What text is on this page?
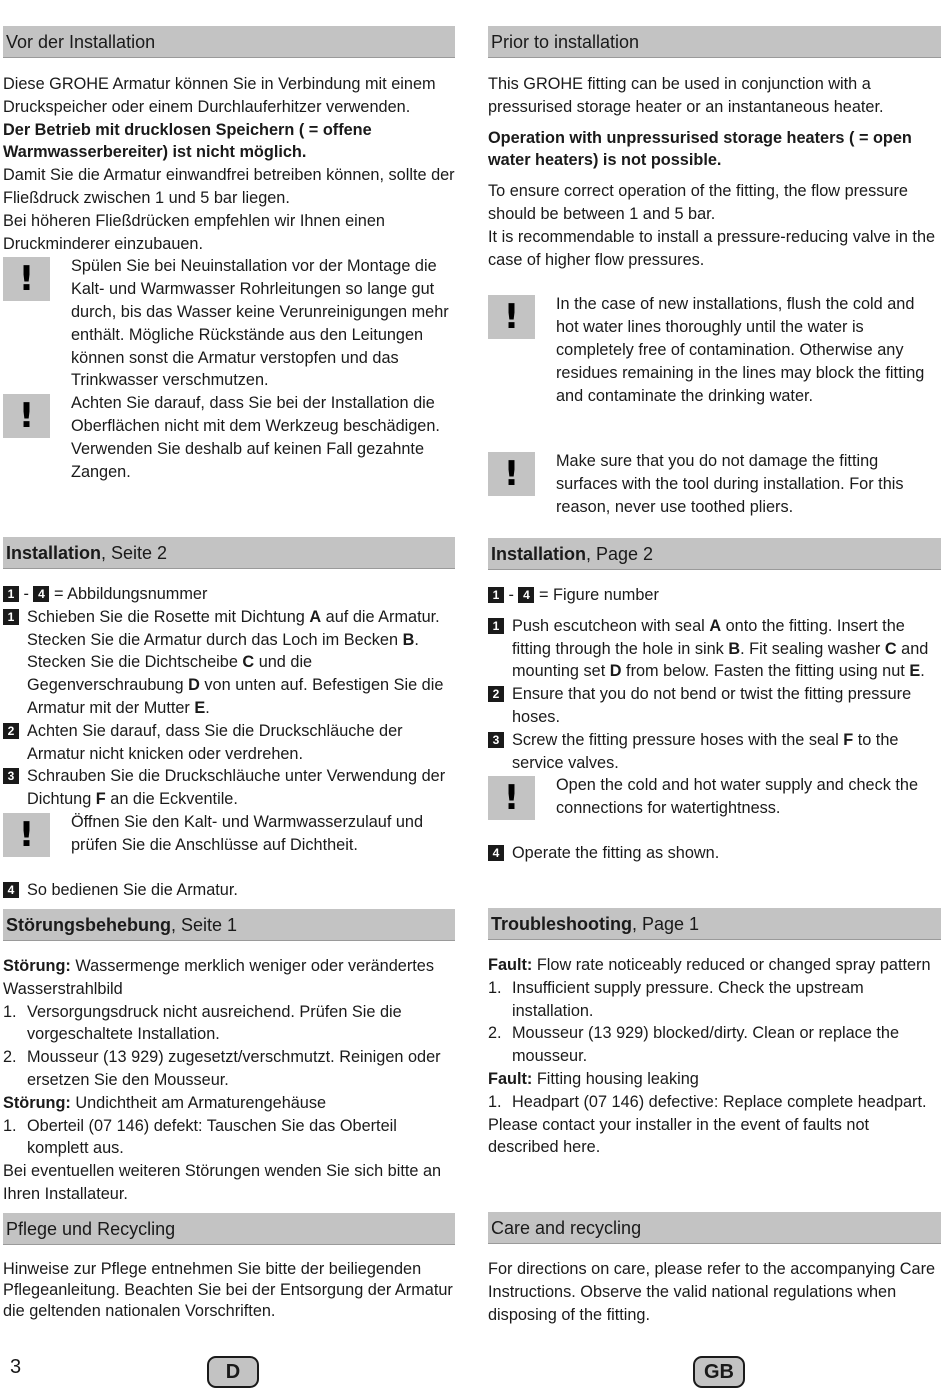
Vor der Installation

Diese GROHE Armatur können Sie in Verbindung mit einem Druckspeicher oder einem Durchlauferhitzer verwenden.

Der Betrieb mit drucklosen Speichern ( = offene Warmwasserbereiter) ist nicht möglich.

Damit Sie die Armatur einwandfrei betreiben können, sollte der Fließdruck zwischen 1 und 5 bar liegen.

Bei höheren Fließdrücken empfehlen wir Ihnen einen Druckminderer einzubauen.

! Spülen Sie bei Neuinstallation vor der Montage die Kalt- und Warmwasser Rohrleitungen so lange gut durch, bis das Wasser keine Verunreinigungen mehr enthält. Mögliche Rückstände aus den Leitungen können sonst die Armatur verstopfen und das Trinkwasser verschmutzen.

! Achten Sie darauf, dass Sie bei der Installation die Oberflächen nicht mit dem Werkzeug beschädigen. Verwenden Sie deshalb auf keinen Fall gezahnte Zangen.

Installation, Seite 2

1 - 4 = Abbildungsnummer

1 Schieben Sie die Rosette mit Dichtung A auf die Armatur. Stecken Sie die Armatur durch das Loch im Becken B. Stecken Sie die Dichtscheibe C und die Gegenverschraubung D von unten auf. Befestigen Sie die Armatur mit der Mutter E.
2 Achten Sie darauf, dass Sie die Druckschläuche der Armatur nicht knicken oder verdrehen.
3 Schrauben Sie die Druckschläuche unter Verwendung der Dichtung F an die Eckventile.
! Öffnen Sie den Kalt- und Warmwasserzulauf und prüfen Sie die Anschlüsse auf Dichtheit.

4 So bedienen Sie die Armatur.
Störungsbehebung, Seite 1

Störung: Wassermenge merklich weniger oder verändertes Wasserstrahlbild

1. Versorgungsdruck nicht ausreichend. Prüfen Sie die vorgeschaltete Installation.
2. Mousseur (13 929) zugesetzt/verschmutzt. Reinigen oder ersetzen Sie den Mousseur.

Störung: Undichtheit am Armaturengehäuse

1. Oberteil (07 146) defekt: Tauschen Sie das Oberteil komplett aus.

Bei eventuellen weiteren Störungen wenden Sie sich bitte an Ihren Installateur.

Pflege und Recycling

Hinweise zur Pflege entnehmen Sie bitte der beiliegenden Pflegeanleitung. Beachten Sie bei der Entsorgung der Armatur die geltenden nationalen Vorschriften.

Prior to installation

This GROHE fitting can be used in conjunction with a pressurised storage heater or an instantaneous heater.

Operation with unpressurised storage heaters ( = open water heaters) is not possible.

To ensure correct operation of the fitting, the flow pressure should be between 1 and 5 bar.

It is recommendable to install a pressure-reducing valve in the case of higher flow pressures.

! In the case of new installations, flush the cold and hot water lines thoroughly until the water is completely free of contamination. Otherwise any residues remaining in the lines may block the fitting and contaminate the drinking water.

! Make sure that you do not damage the fitting surfaces with the tool during installation. For this reason, never use toothed pliers.

Installation, Page 2

1 - 4 = Figure number

1 Push escutcheon with seal A onto the fitting. Insert the fitting through the hole in sink B. Fit sealing washer C and mounting set D from below. Fasten the fitting using nut E.
2 Ensure that you do not bend or twist the fitting pressure hoses.
3 Screw the fitting pressure hoses with the seal F to the service valves.
! Open the cold and hot water supply and check the connections for watertightness.

4 Operate the fitting as shown.
Troubleshooting, Page 1

Fault: Flow rate noticeably reduced or changed spray pattern

1. Insufficient supply pressure. Check the upstream installation.
2. Mousseur (13 929) blocked/dirty. Clean or replace the mousseur.

Fault: Fitting housing leaking

1. Headpart (07 146) defective: Replace complete headpart.

Please contact your installer in the event of faults not described here.

Care and recycling

For directions on care, please refer to the accompanying Care Instructions. Observe the valid national regulations when disposing of the fitting.

3	D	GB
